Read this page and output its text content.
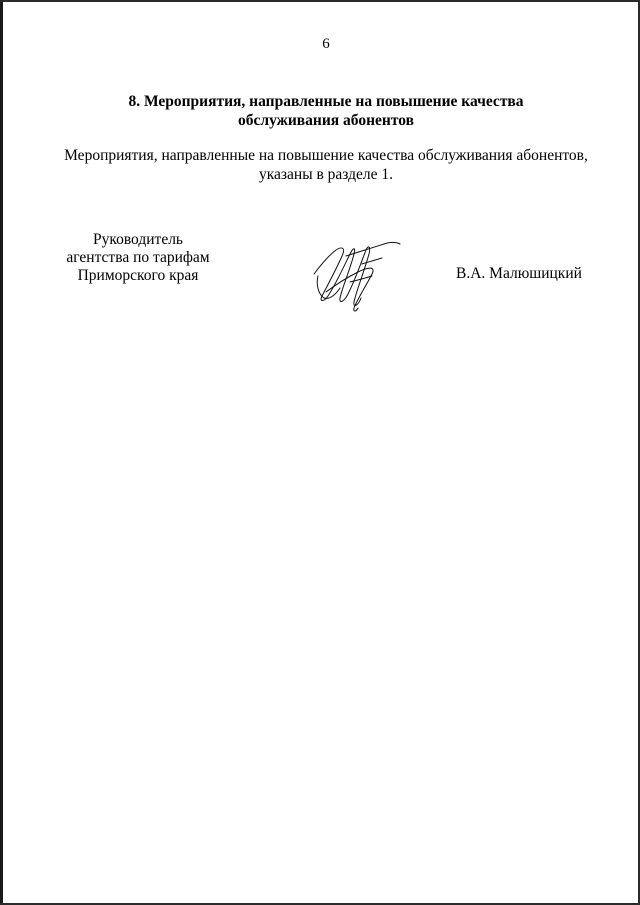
6
8. Мероприятия, направленные на повышение качества
обслуживания абонентов
Мероприятия, направленные на повышение качества обслуживания абонентов,
указаны в разделе 1.
Руководитель
агентства по тарифам
Приморского края	В.А. Малюшицкий
